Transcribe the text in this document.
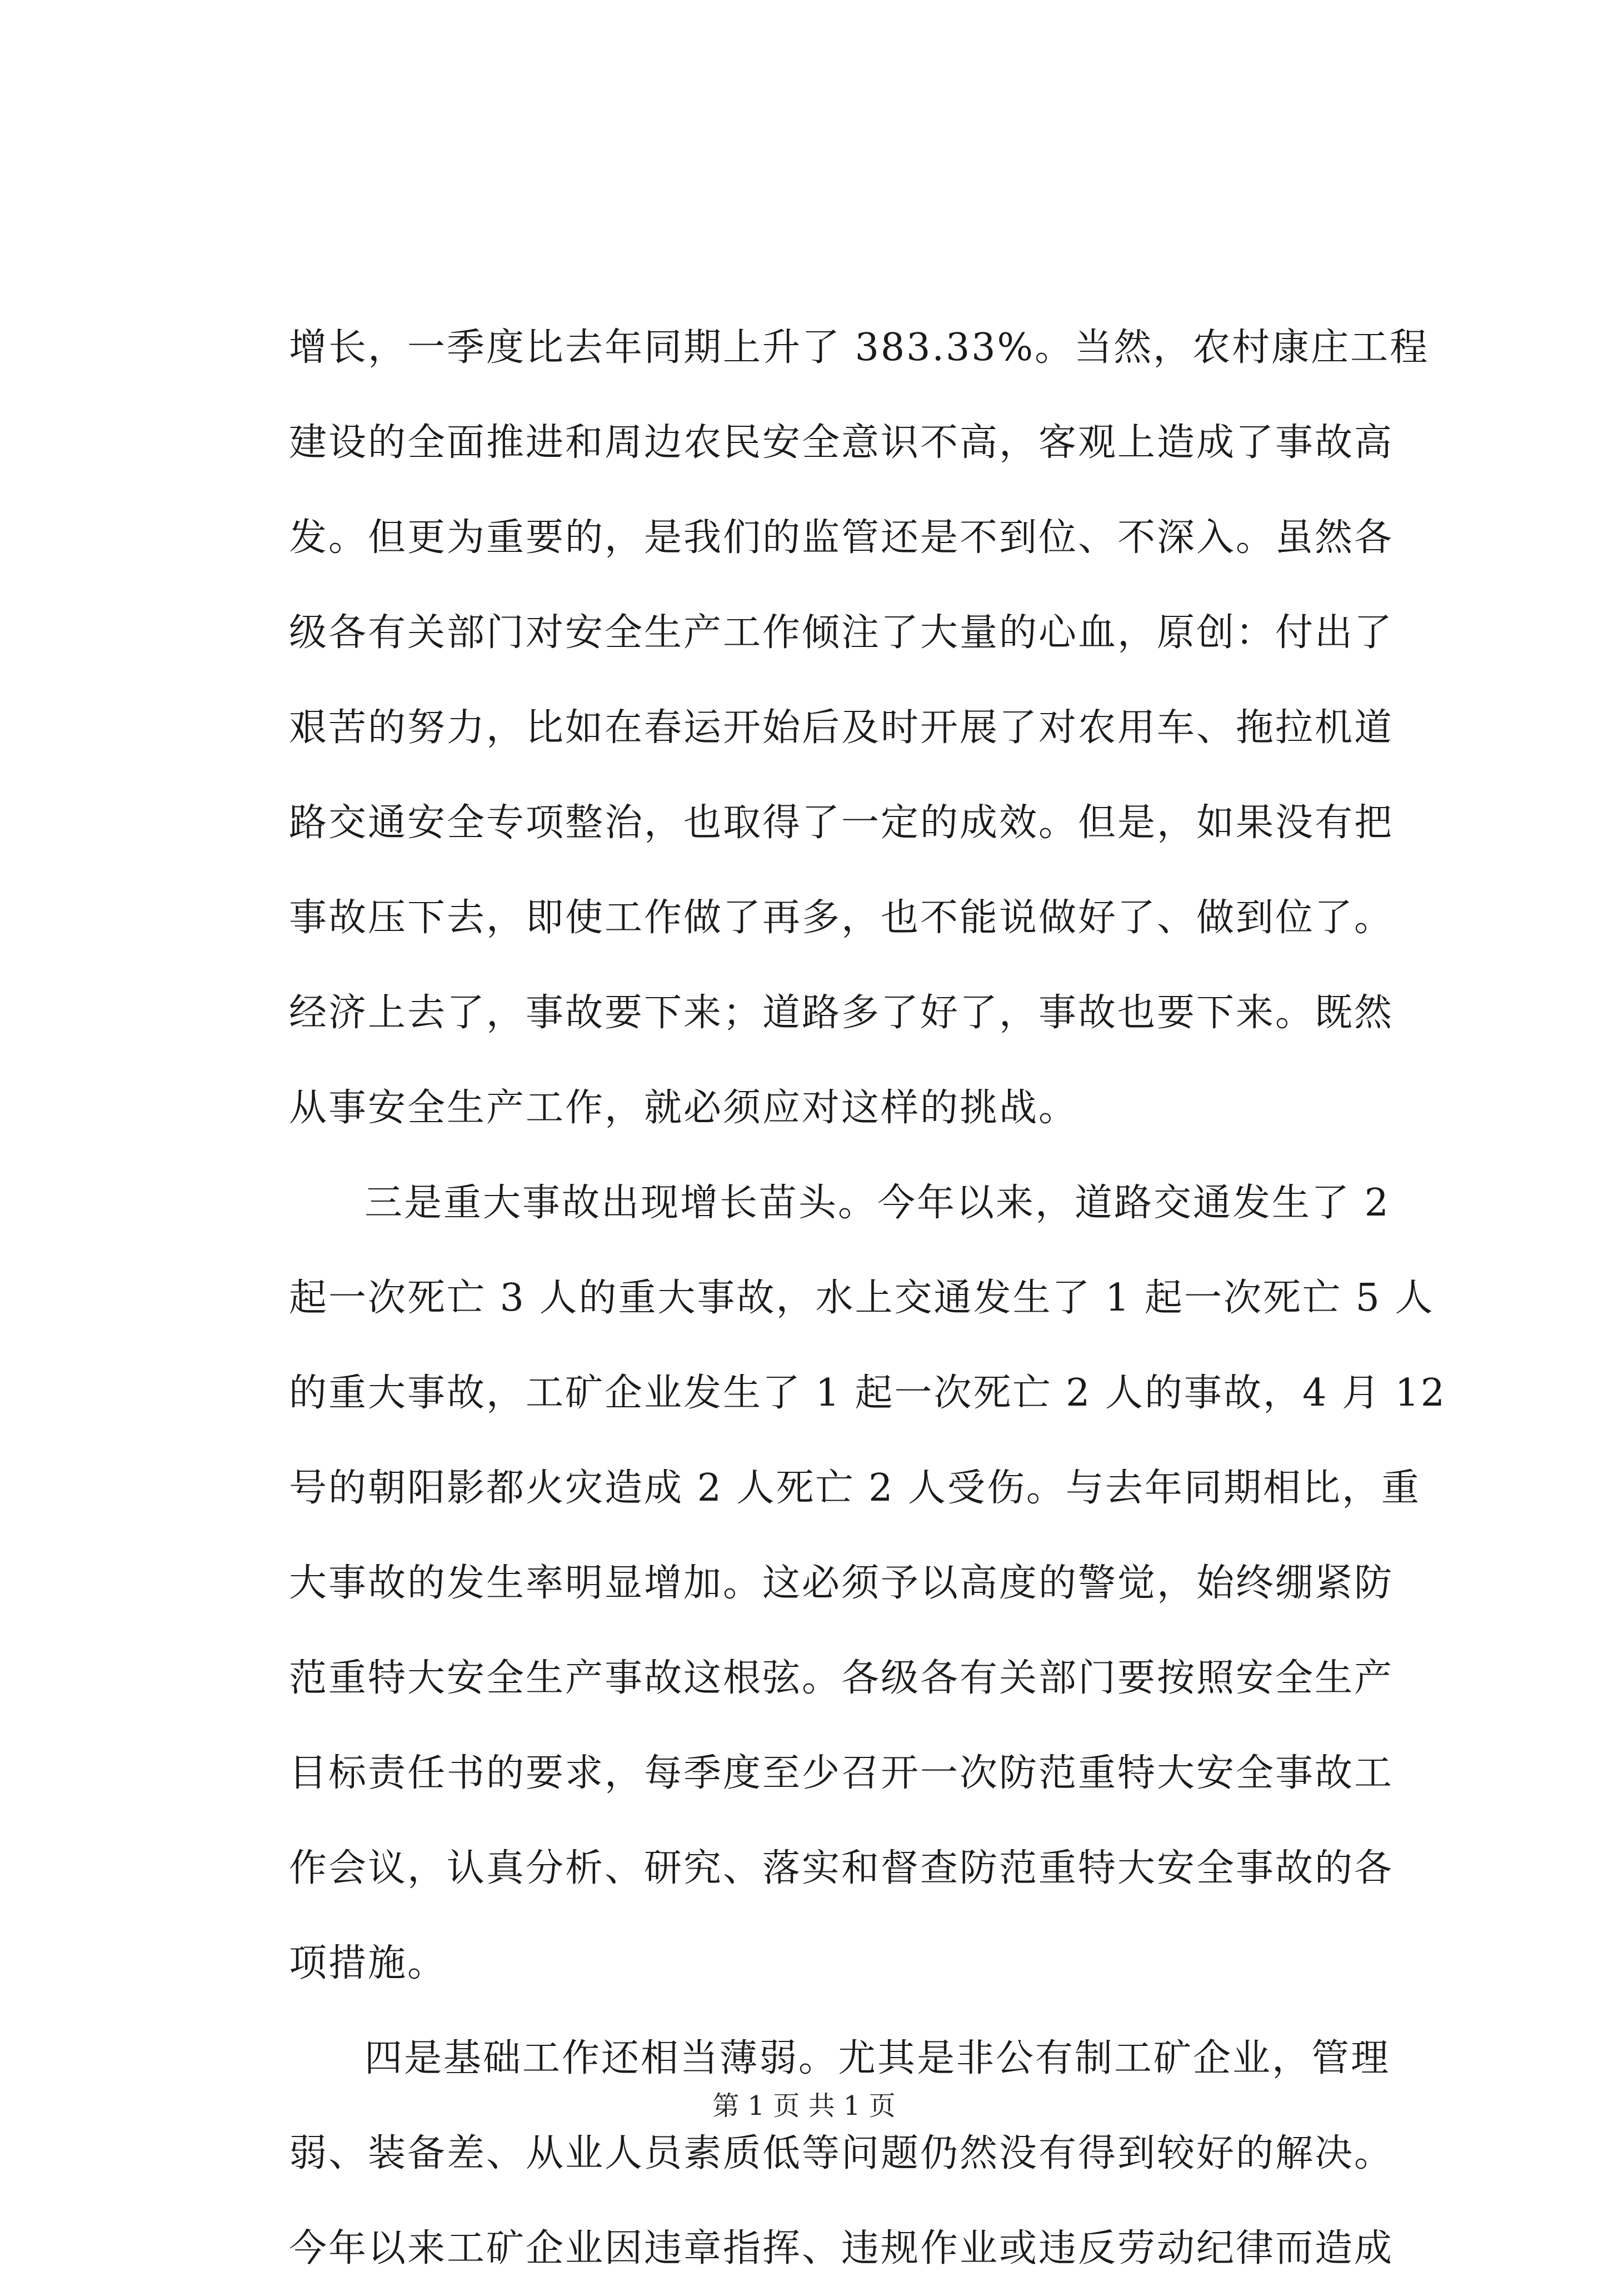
增长，一季度比去年同期上升了 383.33%。当然，农村康庄工程
建设的全面推进和周边农民安全意识不高，客观上造成了事故高
发。但更为重要的，是我们的监管还是不到位、不深入。虽然各
级各有关部门对安全生产工作倾注了大量的心血，原创：付出了
艰苦的努力，比如在春运开始后及时开展了对农用车、拖拉机道
路交通安全专项整治，也取得了一定的成效。但是，如果没有把
事故压下去，即使工作做了再多，也不能说做好了、做到位了。
经济上去了，事故要下来；道路多了好了，事故也要下来。既然
从事安全生产工作，就必须应对这样的挑战。
三是重大事故出现增长苗头。今年以来，道路交通发生了 2
起一次死亡 3 人的重大事故，水上交通发生了 1 起一次死亡 5 人
的重大事故，工矿企业发生了 1 起一次死亡 2 人的事故，4 月 12
号的朝阳影都火灾造成 2 人死亡 2 人受伤。与去年同期相比，重
大事故的发生率明显增加。这必须予以高度的警觉，始终绷紧防
范重特大安全生产事故这根弦。各级各有关部门要按照安全生产
目标责任书的要求，每季度至少召开一次防范重特大安全事故工
作会议，认真分析、研究、落实和督查防范重特大安全事故的各
项措施。
四是基础工作还相当薄弱。尤其是非公有制工矿企业，管理
弱、装备差、从业人员素质低等问题仍然没有得到较好的解决。
今年以来工矿企业因违章指挥、违规作业或违反劳动纪律而造成
第 1 页 共 1 页
